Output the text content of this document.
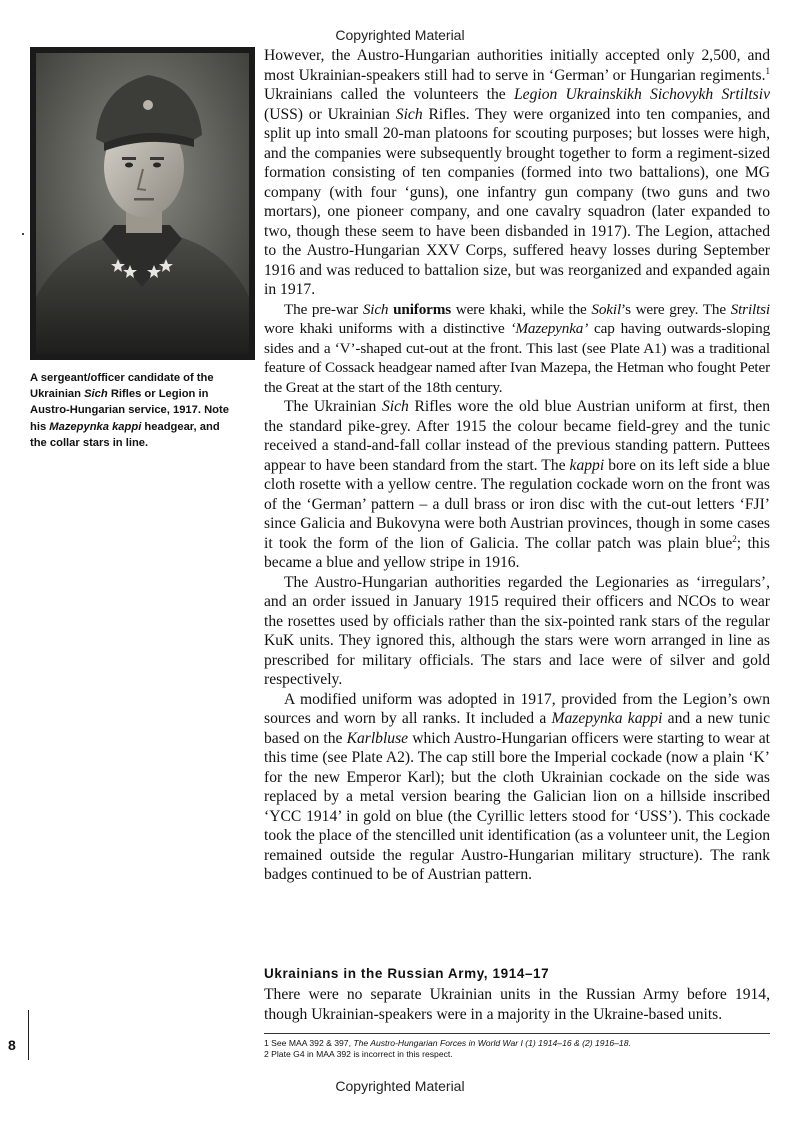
Copyrighted Material
A sergeant/officer candidate of the Ukrainian Sich Rifles or Legion in Austro-Hungarian service, 1917. Note his Mazepynka kappi headgear, and the collar stars in line.

However, the Austro-Hungarian authorities initially accepted only 2,500, and most Ukrainian-speakers still had to serve in ‘German’ or Hungarian regiments.$^1$ Ukrainians called the volunteers the Legion Ukrainskikh Sichovykh Srtiltsiv (USS) or Ukrainian Sich Rifles. They were organized into ten companies, and split up into small 20-man platoons for scouting purposes; but losses were high, and the companies were subsequently brought together to form a regiment-sized formation consisting of ten companies (formed into two battalions), one MG company (with four ‘guns), one infantry gun company (two guns and two mortars), one pioneer company, and one cavalry squadron (later expanded to two, though these seem to have been disbanded in 1917). The Legion, attached to the Austro-Hungarian XXV Corps, suffered heavy losses during September 1916 and was reduced to battalion size, but was reorganized and expanded again in 1917.

The pre-war Sich uniforms were khaki, while the Sokil’s were grey. The Striltsi wore khaki uniforms with a distinctive ‘Mazepynka’ cap having outwards-sloping sides and a ‘V’-shaped cut-out at the front. This last (see Plate A1) was a traditional feature of Cossack headgear named after Ivan Mazepa, the Hetman who fought Peter the Great at the start of the 18th century.

The Ukrainian Sich Rifles wore the old blue Austrian uniform at first, then the standard pike-grey. After 1915 the colour became field-grey and the tunic received a stand-and-fall collar instead of the previous standing pattern. Puttees appear to have been standard from the start. The kappi bore on its left side a blue cloth rosette with a yellow centre. The regulation cockade worn on the front was of the ‘German’ pattern – a dull brass or iron disc with the cut-out letters ‘FJI’ since Galicia and Bukovyna were both Austrian provinces, though in some cases it took the form of the lion of Galicia. The collar patch was plain blue$^2$; this became a blue and yellow stripe in 1916.

The Austro-Hungarian authorities regarded the Legionaries as ‘irregulars’, and an order issued in January 1915 required their officers and NCOs to wear the rosettes used by officials rather than the six-pointed rank stars of the regular KuK units. They ignored this, although the stars were worn arranged in line as prescribed for military officials. The stars and lace were of silver and gold respectively.

A modified uniform was adopted in 1917, provided from the Legion’s own sources and worn by all ranks. It included a Mazepynka kappi and a new tunic based on the Karlbluse which Austro-Hungarian officers were starting to wear at this time (see Plate A2). The cap still bore the Imperial cockade (now a plain ‘K’ for the new Emperor Karl); but the cloth Ukrainian cockade on the side was replaced by a metal version bearing the Galician lion on a hillside inscribed ‘YCC 1914’ in gold on blue (the Cyrillic letters stood for ‘USS’). This cockade took the place of the stencilled unit identification (as a volunteer unit, the Legion remained outside the regular Austro-Hungarian military structure). The rank badges continued to be of Austrian pattern.

Ukrainians in the Russian Army, 1914–17
There were no separate Ukrainian units in the Russian Army before 1914, though Ukrainian-speakers were in a majority in the Ukraine-based units.
8	1 See MAA 392 & 397, The Austro-Hungarian Forces in World War I (1) 1914–16 & (2) 1916–18.
2 Plate G4 in MAA 392 is incorrect in this respect.
Copyrighted Material
